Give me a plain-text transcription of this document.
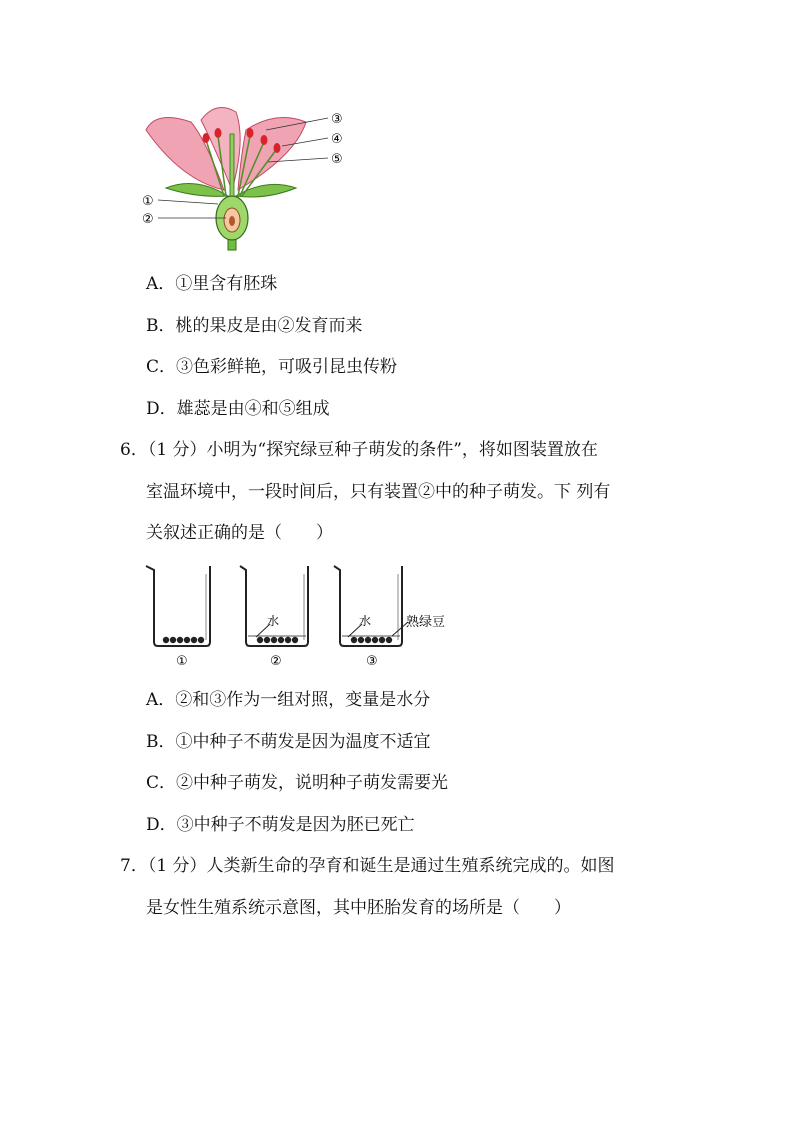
③
④
⑤
①
②
A．①里含有胚珠
B．桃的果皮是由②发育而来
C．③色彩鲜艳，可吸引昆虫传粉
D．雄蕊是由④和⑤组成
6．（1 分）小明为“探究绿豆种子萌发的条件”，将如图装置放在
室温环境中，一段时间后，只有装置②中的种子萌发。下 列有
关叙述正确的是（　　）
①
水
②
水	熟绿豆
③
A．②和③作为一组对照，变量是水分
B．①中种子不萌发是因为温度不适宜
C．②中种子萌发，说明种子萌发需要光
D．③中种子不萌发是因为胚已死亡
7．（1 分）人类新生命的孕育和诞生是通过生殖系统完成的。如图
是女性生殖系统示意图，其中胚胎发育的场所是（　　）
